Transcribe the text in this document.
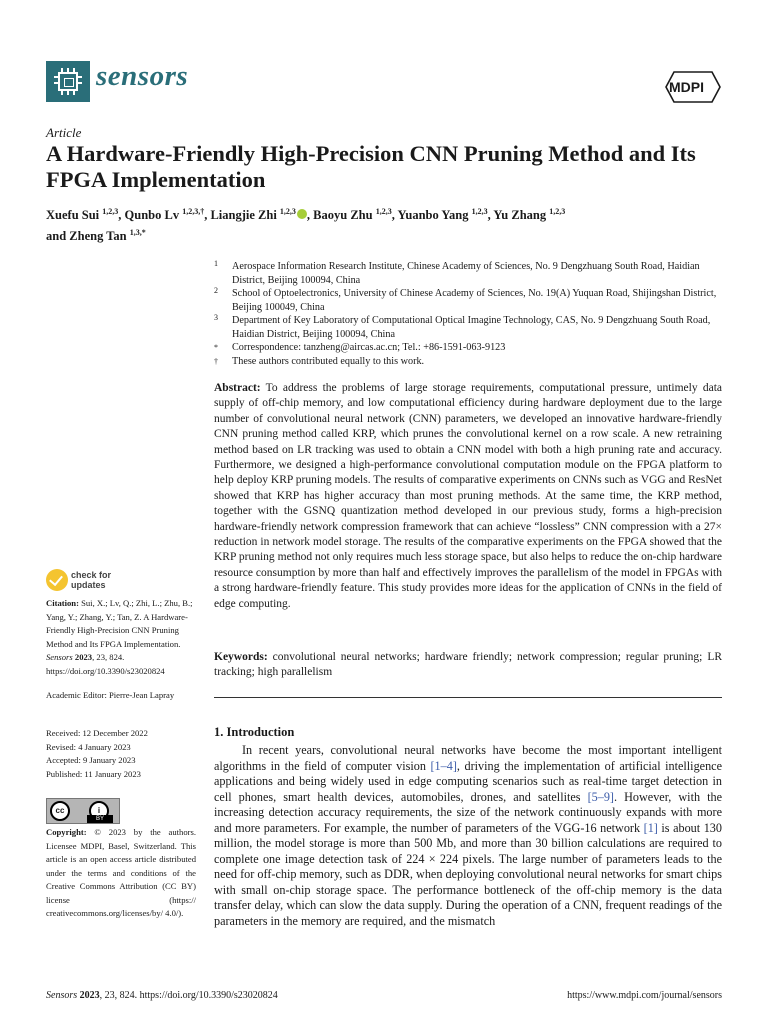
sensors	MDPI
Article
A Hardware-Friendly High-Precision CNN Pruning Method and Its FPGA Implementation
Xuefu Sui $^{1,2,3}$, Qunbo Lv $^{1,2,3,\dagger}$, Liangjie Zhi $^{1,2,3}$ , Baoyu Zhu $^{1,2,3}$, Yuanbo Yang $^{1,2,3}$, Yu Zhang $^{1,2,3}$
and Zheng Tan $^{1,3,*}$
1 Aerospace Information Research Institute, Chinese Academy of Sciences, No. 9 Dengzhuang South Road, Haidian District, Beijing 100094, China
2 School of Optoelectronics, University of Chinese Academy of Sciences, No. 19(A) Yuquan Road, Shijingshan District, Beijing 100049, China
3 Department of Key Laboratory of Computational Optical Imagine Technology, CAS, No. 9 Dengzhuang South Road, Haidian District, Beijing 100094, China
* Correspondence: tanzheng@aircas.ac.cn; Tel.: +86-1591-063-9123
† These authors contributed equally to this work.
Abstract: To address the problems of large storage requirements, computational pressure, untimely data supply of off-chip memory, and low computational efficiency during hardware deployment due to the large number of convolutional neural network (CNN) parameters, we developed an innovative hardware-friendly CNN pruning method called KRP, which prunes the convolutional kernel on a row scale. A new retraining method based on LR tracking was used to obtain a CNN model with both a high pruning rate and accuracy. Furthermore, we designed a high-performance convolutional computation module on the FPGA platform to help deploy KRP pruning models. The results of comparative experiments on CNNs such as VGG and ResNet showed that KRP has higher accuracy than most pruning methods. At the same time, the KRP method, together with the GSNQ quantization method developed in our previous study, forms a high-precision hardware-friendly network compression framework that can achieve “lossless” CNN compression with a 27× reduction in network model storage. The results of the comparative experiments on the FPGA showed that the KRP pruning method not only requires much less storage space, but also helps to reduce the on-chip hardware resource consumption by more than half and effectively improves the parallelism of the model in FPGAs with a strong hardware-friendly feature. This study provides more ideas for the application of CNNs in the field of edge computing.
Keywords: convolutional neural networks; hardware friendly; network compression; regular pruning; LR tracking; high parallelism
1. Introduction
In recent years, convolutional neural networks have become the most important intelligent algorithms in the field of computer vision [1–4], driving the implementation of artificial intelligence applications and being widely used in edge computing scenarios such as real-time target detection in cell phones, smart health devices, automobiles, drones, and satellites [5–9]. However, with the increasing detection accuracy requirements, the size of the network continuously expands with more and more parameters. For example, the number of parameters of the VGG-16 network [1] is about 130 million, the model storage is more than 500 Mb, and more than 30 billion calculations are required to complete one image detection task of 224 × 224 pixels. The large number of parameters leads to the need for off-chip memory, such as DDR, when deploying convolutional neural networks for smart chips with small on-chip storage space. The performance bottleneck of the off-chip memory is the data transfer delay, which can slow the data supply. During the operation of a CNN, frequent readings of the parameters in the memory are required, and the mismatch
check for updates
Citation: Sui, X.; Lv, Q.; Zhi, L.; Zhu, B.; Yang, Y.; Zhang, Y.; Tan, Z. A Hardware-Friendly High-Precision CNN Pruning Method and Its FPGA Implementation. Sensors 2023, 23, 824. https://doi.org/10.3390/s23020824
Academic Editor: Pierre-Jean Lapray
Received: 12 December 2022
Revised: 4 January 2023
Accepted: 9 January 2023
Published: 11 January 2023
cc	i
BY
Copyright: © 2023 by the authors. Licensee MDPI, Basel, Switzerland. This article is an open access article distributed under the terms and conditions of the Creative Commons Attribution (CC BY) license (https:// creativecommons.org/licenses/by/ 4.0/).
Sensors 2023, 23, 824. https://doi.org/10.3390/s23020824	https://www.mdpi.com/journal/sensors
